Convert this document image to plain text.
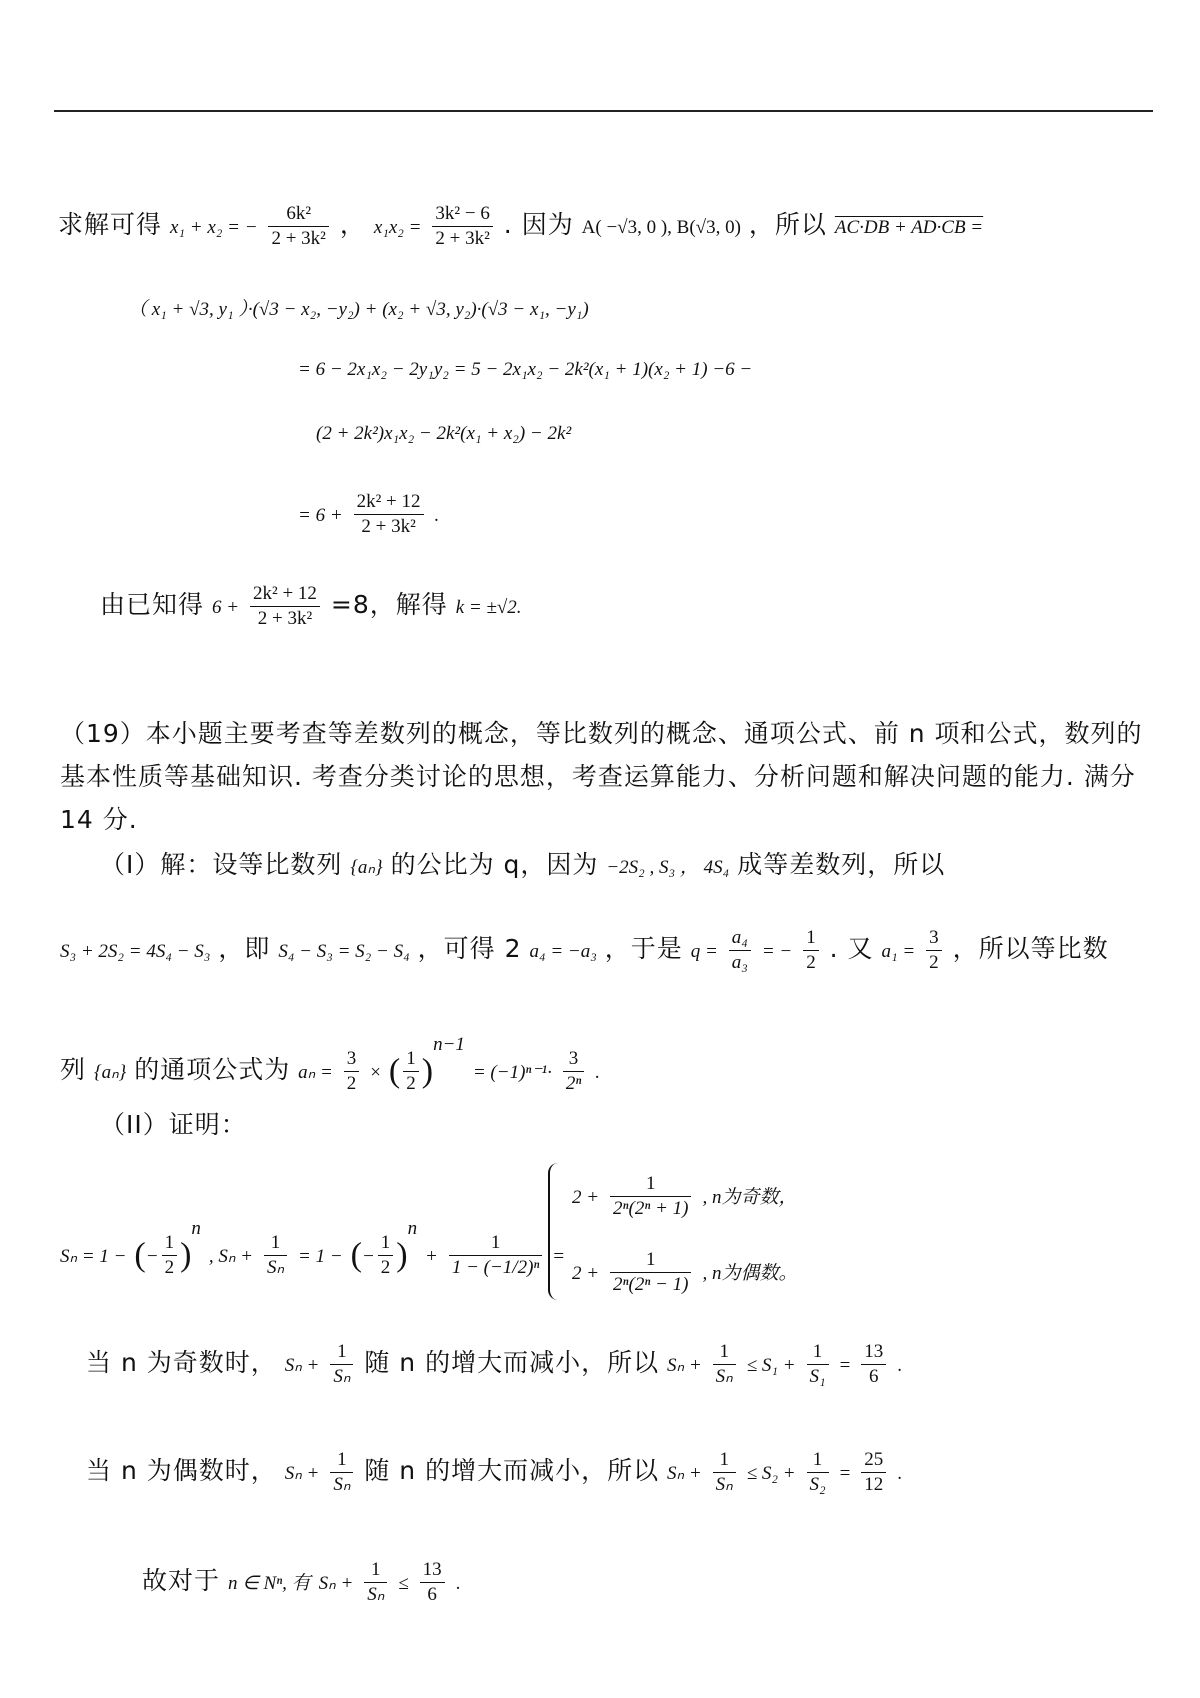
求解可得 x₁ + x₂ = − $\frac{\text{6k²}}{\text{2 + 3k²}}$ ， $x_1x_2 = \frac{\text{3k² − 6}}{\text{2 + 3k²}}$ . 因为 A( −√3, 0 ), B(√3, 0) ，所以 AC·DB + AD·CB =
（ x₁ + √3, y₁ ）·(√3 − x₂, −y₂) + (x₂ + √3, y₂)·(√3 − x₁, −y₁)
= 6 − 2x₁x₂ − 2y₁y₂ = 5 − 2x₁x₂ − 2k²(x₁ + 1)(x₂ + 1) −6 −
(2 + 2k²)x₁x₂ − 2k²(x₁ + x₂) − 2k²
= $6 + \frac{\text{2k² + 12}}{\text{2 + 3k²}}$ .
由已知得 $6 + \frac{\text{2k² + 12}}{\text{2 + 3k²}} =8$，解得 k = ±√2.
（19）本小题主要考查等差数列的概念，等比数列的概念、通项公式、前 n 项和公式，数列的基本性质等基础知识. 考查分类讨论的思想，考查运算能力、分析问题和解决问题的能力. 满分 14 分.
（I）解：设等比数列 {aₙ} 的公比为 q，因为 −2S₂ , S₃ ， 4S₄ 成等差数列，所以
S₃ + 2S₂ = 4S₄ − S₃ ，即 S₄ − S₃ = S₂ − S₄ ，可得 2 a₄ = −a₃ ，于是 $q = \frac{\text{a₄}}{\text{a₃}}$ = − $\frac{1}{2}$ . 又 $a_1 = \frac{3}{2}$ ，所以等比数
列 {aₙ} 的通项公式为 $a_n = \frac{3}{2}$ × ( $\frac{1}{2} )^{n-1} = (-1)^{n-1}\cdot \frac{3}{\text{2ⁿ}}$ .
（II）证明：
Sₙ = 1 − (− $\frac{1}{2} )^n$ , $S_n + \frac{1}{\text{Sₙ}} = 1$ − (− $\frac{1}{2} )^n + \frac{1}{\text{1 − (−1/2)ⁿ}}$ =
$2 + \frac{1}{\text{2ⁿ(2ⁿ + 1)}}$ , n为奇数，
$2 + \frac{1}{\text{2ⁿ(2ⁿ − 1)}}$ , n为偶数。
当 n 为奇数时， $S_n + \frac{1}{\text{Sₙ}}$ 随 n 的增大而减小，所以 $S_n + \frac{1}{\text{Sₙ}} \le S_1 + \frac{1}{\text{S₁}} = \frac{13}{6}$ .
当 n 为偶数时， $S_n + \frac{1}{\text{Sₙ}}$ 随 n 的增大而减小，所以 $S_n + \frac{1}{\text{Sₙ}} \le S_2 + \frac{1}{\text{S₂}} = \frac{25}{12}$ .
故对于 n ∈ Nⁿ, 有 $S_n + \frac{1}{\text{Sₙ}} \le \frac{13}{6}$ .
